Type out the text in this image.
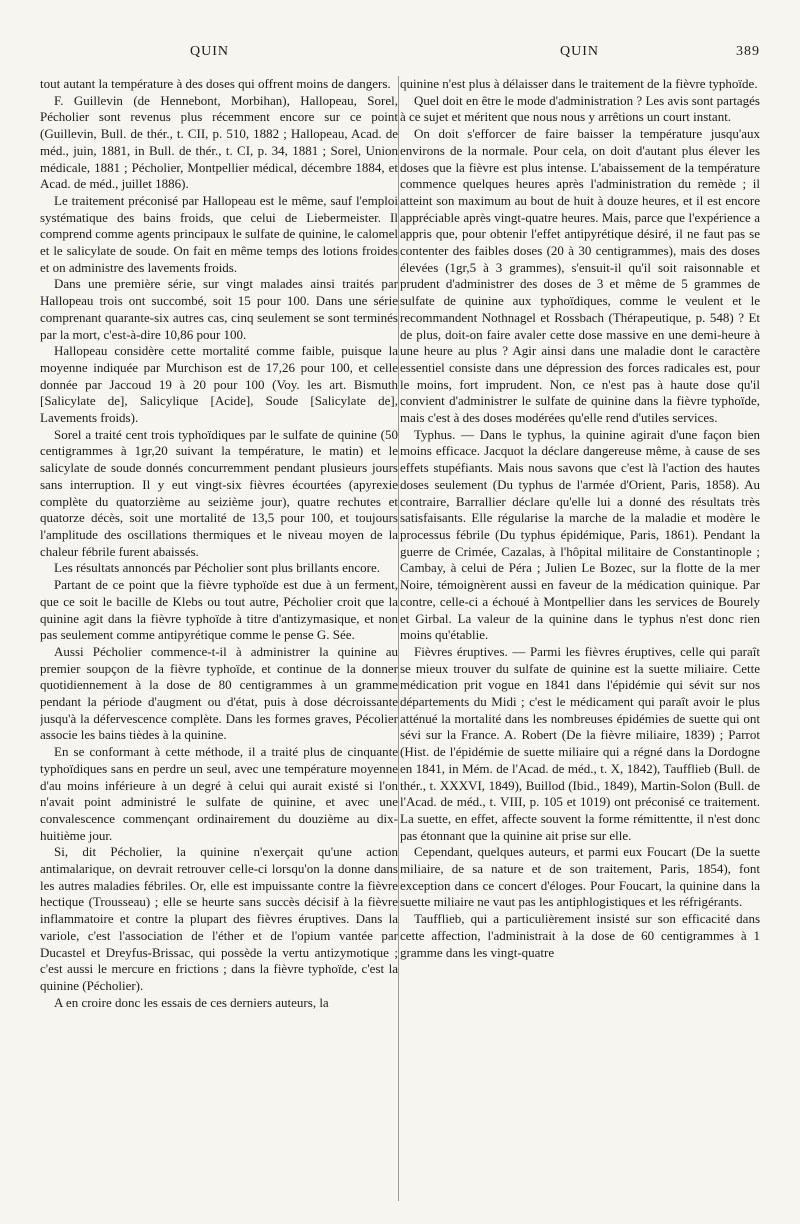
QUIN	QUIN	389

tout autant la température à des doses qui offrent moins de dangers.

F. Guillevin (de Hennebont, Morbihan), Hallopeau, Sorel, Pécholier sont revenus plus récemment encore sur ce point (Guillevin, Bull. de thér., t. CII, p. 510, 1882 ; Hallopeau, Acad. de méd., juin, 1881, in Bull. de thér., t. CI, p. 34, 1881 ; Sorel, Union médicale, 1881 ; Pécholier, Montpellier médical, décembre 1884, et Acad. de méd., juillet 1886).

Le traitement préconisé par Hallopeau est le même, sauf l'emploi systématique des bains froids, que celui de Liebermeister. Il comprend comme agents principaux le sulfate de quinine, le calomel et le salicylate de soude. On fait en même temps des lotions froides et on administre des lavements froids.

Dans une première série, sur vingt malades ainsi traités par Hallopeau trois ont succombé, soit 15 pour 100. Dans une série comprenant quarante-six autres cas, cinq seulement se sont terminés par la mort, c'est-à-dire 10,86 pour 100.

Hallopeau considère cette mortalité comme faible, puisque la moyenne indiquée par Murchison est de 17,26 pour 100, et celle donnée par Jaccoud 19 à 20 pour 100 (Voy. les art. Bismuth [Salicylate de], Salicylique [Acide], Soude [Salicylate de], Lavements froids).

Sorel a traité cent trois typhoïdiques par le sulfate de quinine (50 centigrammes à 1gr,20 suivant la température, le matin) et le salicylate de soude donnés concurremment pendant plusieurs jours sans interruption. Il y eut vingt-six fièvres écourtées (apyrexie complète du quatorzième au seizième jour), quatre rechutes et quatorze décès, soit une mortalité de 13,5 pour 100, et toujours l'amplitude des oscillations thermiques et le niveau moyen de la chaleur fébrile furent abaissés.

Les résultats annoncés par Pécholier sont plus brillants encore.

Partant de ce point que la fièvre typhoïde est due à un ferment, que ce soit le bacille de Klebs ou tout autre, Pécholier croit que la quinine agit dans la fièvre typhoïde à titre d'antizymasique, et non pas seulement comme antipyrétique comme le pense G. Sée.

Aussi Pécholier commence-t-il à administrer la quinine au premier soupçon de la fièvre typhoïde, et continue de la donner quotidiennement à la dose de 80 centigrammes à un gramme pendant la période d'augment ou d'état, puis à dose décroissante jusqu'à la défervescence complète. Dans les formes graves, Pécolier associe les bains tièdes à la quinine.

En se conformant à cette méthode, il a traité plus de cinquante typhoïdiques sans en perdre un seul, avec une température moyenne d'au moins inférieure à un degré à celui qui aurait existé si l'on n'avait point administré le sulfate de quinine, et avec une convalescence commençant ordinairement du douzième au dix-huitième jour.

Si, dit Pécholier, la quinine n'exerçait qu'une action antimalarique, on devrait retrouver celle-ci lorsqu'on la donne dans les autres maladies fébriles. Or, elle est impuissante contre la fièvre hectique (Trousseau) ; elle se heurte sans succès décisif à la fièvre inflammatoire et contre la plupart des fièvres éruptives. Dans la variole, c'est l'association de l'éther et de l'opium vantée par Ducastel et Dreyfus-Brissac, qui possède la vertu antizymotique ; c'est aussi le mercure en frictions ; dans la fièvre typhoïde, c'est la quinine (Pécholier).

A en croire donc les essais de ces derniers auteurs, la

quinine n'est plus à délaisser dans le traitement de la fièvre typhoïde.

Quel doit en être le mode d'administration ? Les avis sont partagés à ce sujet et méritent que nous nous y arrêtions un court instant.

On doit s'efforcer de faire baisser la température jusqu'aux environs de la normale. Pour cela, on doit d'autant plus élever les doses que la fièvre est plus intense. L'abaissement de la température commence quelques heures après l'administration du remède ; il atteint son maximum au bout de huit à douze heures, et il est encore appréciable après vingt-quatre heures. Mais, parce que l'expérience a appris que, pour obtenir l'effet antipyrétique désiré, il ne faut pas se contenter des faibles doses (20 à 30 centigrammes), mais des doses élevées (1gr,5 à 3 grammes), s'ensuit-il qu'il soit raisonnable et prudent d'administrer des doses de 3 et même de 5 grammes de sulfate de quinine aux typhoïdiques, comme le veulent et le recommandent Nothnagel et Rossbach (Thérapeutique, p. 548) ? Et de plus, doit-on faire avaler cette dose massive en une demi-heure à une heure au plus ? Agir ainsi dans une maladie dont le caractère essentiel consiste dans une dépression des forces radicales est, pour le moins, fort imprudent. Non, ce n'est pas à haute dose qu'il convient d'administrer le sulfate de quinine dans la fièvre typhoïde, mais c'est à des doses modérées qu'elle rend d'utiles services.

Typhus. — Dans le typhus, la quinine agirait d'une façon bien moins efficace. Jacquot la déclare dangereuse même, à cause de ses effets stupéfiants. Mais nous savons que c'est là l'action des hautes doses seulement (Du typhus de l'armée d'Orient, Paris, 1858). Au contraire, Barrallier déclare qu'elle lui a donné des résultats très satisfaisants. Elle régularise la marche de la maladie et modère le processus fébrile (Du typhus épidémique, Paris, 1861). Pendant la guerre de Crimée, Cazalas, à l'hôpital militaire de Constantinople ; Cambay, à celui de Péra ; Julien Le Bozec, sur la flotte de la mer Noire, témoignèrent aussi en faveur de la médication quinique. Par contre, celle-ci a échoué à Montpellier dans les services de Bourely et Girbal. La valeur de la quinine dans le typhus n'est donc rien moins qu'établie.

Fièvres éruptives. — Parmi les fièvres éruptives, celle qui paraît se mieux trouver du sulfate de quinine est la suette miliaire. Cette médication prit vogue en 1841 dans l'épidémie qui sévit sur nos départements du Midi ; c'est le médicament qui paraît avoir le plus atténué la mortalité dans les nombreuses épidémies de suette qui ont sévi sur la France. A. Robert (De la fièvre miliaire, 1839) ; Parrot (Hist. de l'épidémie de suette miliaire qui a régné dans la Dordogne en 1841, in Mém. de l'Acad. de méd., t. X, 1842), Taufflieb (Bull. de thér., t. XXXVI, 1849), Buillod (Ibid., 1849), Martin-Solon (Bull. de l'Acad. de méd., t. VIII, p. 105 et 1019) ont préconisé ce traitement. La suette, en effet, affecte souvent la forme rémittentte, il n'est donc pas étonnant que la quinine ait prise sur elle.

Cependant, quelques auteurs, et parmi eux Foucart (De la suette miliaire, de sa nature et de son traitement, Paris, 1854), font exception dans ce concert d'éloges. Pour Foucart, la quinine dans la suette miliaire ne vaut pas les antiphlogistiques et les réfrigérants.

Taufflieb, qui a particulièrement insisté sur son efficacité dans cette affection, l'administrait à la dose de 60 centigrammes à 1 gramme dans les vingt-quatre
